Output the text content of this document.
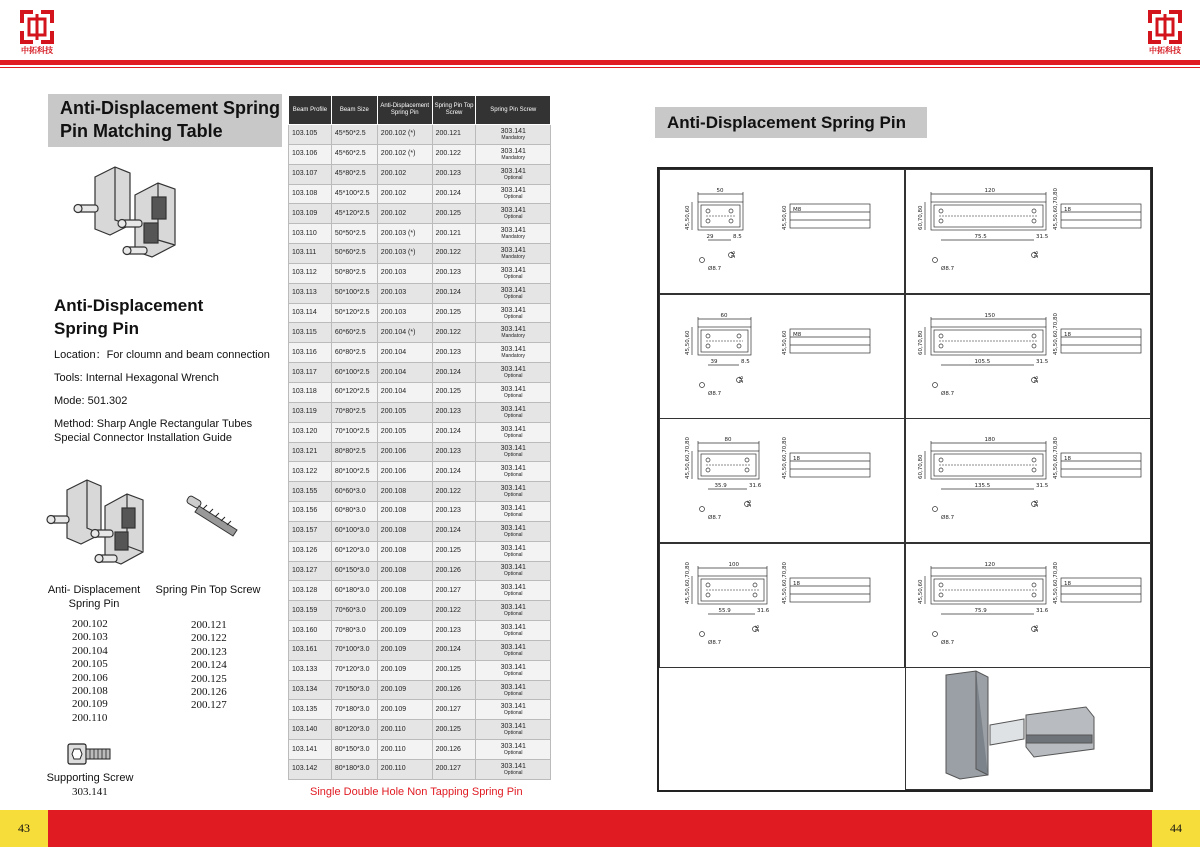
中拓科技	中拓科技
Anti-Displacement Spring
Pin Matching Table
Anti-Displacement
Spring Pin
Location：For cloumn and beam connection
Tools: Internal Hexagonal Wrench
Mode: 501.302
Method: Sharp Angle Rectangular Tubes
Special Connector Installation Guide
Anti- Displacement
Spring Pin
Spring Pin Top Screw
200.102
200.103
200.104
200.105
200.106
200.108
200.109
200.110
200.121
200.122
200.123
200.124
200.125
200.126
200.127
Supporting Screw
303.141
Beam Profile	Beam Size	Anti-Displacement Spring Pin	Spring Pin Top Screw	Spring Pin Screw
103.105	45*50*2.5	200.102 (*)	200.121	303.141
Mandatory

103.106	45*60*2.5	200.102 (*)	200.122	303.141
Mandatory

103.107	45*80*2.5	200.102	200.123	303.141
Optional

103.108	45*100*2.5	200.102	200.124	303.141
Optional

103.109	45*120*2.5	200.102	200.125	303.141
Optional

103.110	50*50*2.5	200.103 (*)	200.121	303.141
Mandatory

103.111	50*60*2.5	200.103 (*)	200.122	303.141
Mandatory

103.112	50*80*2.5	200.103	200.123	303.141
Optional

103.113	50*100*2.5	200.103	200.124	303.141
Optional

103.114	50*120*2.5	200.103	200.125	303.141
Optional

103.115	60*60*2.5	200.104 (*)	200.122	303.141
Mandatory

103.116	60*80*2.5	200.104	200.123	303.141
Mandatory

103.117	60*100*2.5	200.104	200.124	303.141
Optional

103.118	60*120*2.5	200.104	200.125	303.141
Optional

103.119	70*80*2.5	200.105	200.123	303.141
Optional

103.120	70*100*2.5	200.105	200.124	303.141
Optional

103.121	80*80*2.5	200.106	200.123	303.141
Optional

103.122	80*100*2.5	200.106	200.124	303.141
Optional

103.155	60*60*3.0	200.108	200.122	303.141
Optional

103.156	60*80*3.0	200.108	200.123	303.141
Optional

103.157	60*100*3.0	200.108	200.124	303.141
Optional

103.126	60*120*3.0	200.108	200.125	303.141
Optional

103.127	60*150*3.0	200.108	200.126	303.141
Optional

103.128	60*180*3.0	200.108	200.127	303.141
Optional

103.159	70*60*3.0	200.109	200.122	303.141
Optional

103.160	70*80*3.0	200.109	200.123	303.141
Optional

103.161	70*100*3.0	200.109	200.124	303.141
Optional

103.133	70*120*3.0	200.109	200.125	303.141
Optional

103.134	70*150*3.0	200.109	200.126	303.141
Optional

103.135	70*180*3.0	200.109	200.127	303.141
Optional

103.140	80*120*3.0	200.110	200.125	303.141
Optional

103.141	80*150*3.0	200.110	200.126	303.141
Optional

103.142	80*180*3.0	200.110	200.127	303.141
Optional
Single Double Hole Non Tapping Spring Pin
Anti-Displacement Spring Pin
50
45,50,60	45,50,60 M8
29	8.5
26
Ø8.7
120
60,70,80	45,50,60,70,80 18
75.5	31.5
26
Ø8.7
60
45,50,60	45,50,60 M8
39	8.5
26
Ø8.7
150
60,70,80	45,50,60,70,80 18
105.5	31.5
26
Ø8.7
80
45,50,60,70,80	45,50,60,70,80 18
35.9	31.6
26
Ø8.7
180
60,70,80	45,50,60,70,80 18
135.5	31.5
26
Ø8.7
100
45,50,60,70,80	45,50,60,70,80 18
55.9	31.6
26
Ø8.7
120
45,50,60	45,50,60,70,80 18
75.9	31.6
26
Ø8.7
43	44
